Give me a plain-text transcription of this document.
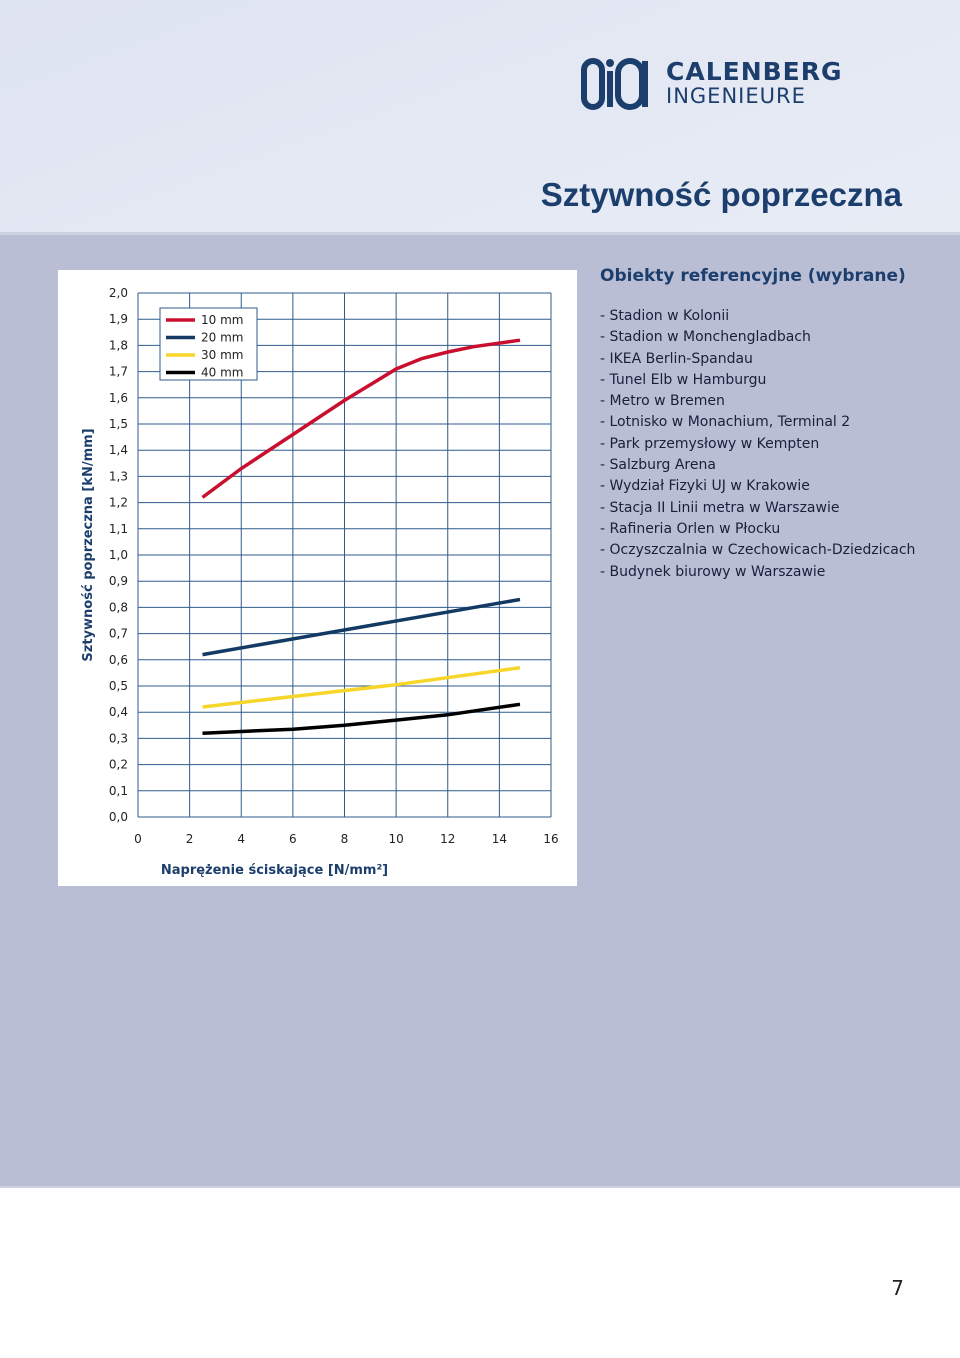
CALENBERG
INGENIEURE
Sztywność poprzeczna
0,0
0,1
0,2
0,3
0,4
0,5
0,6
0,7
0,8
0,9
1,0
1,1
1,2
1,3
1,4
1,5
1,6
1,7
1,8
1,9
2,0
0	2	4	6	8	10	12	14	16
10 mm
20 mm
30 mm
40 mm
Sztywność poprzeczna [kN/mm]
Naprężenie ściskające [N/mm²]
Obiekty referencyjne (wybrane)
- Stadion w Kolonii
- Stadion w Monchengladbach
- IKEA Berlin-Spandau
- Tunel Elb w Hamburgu
- Metro w Bremen
- Lotnisko w Monachium, Terminal 2
- Park przemysłowy w Kempten
- Salzburg Arena
- Wydział Fizyki UJ w Krakowie
- Stacja II Linii metra w Warszawie
- Rafineria Orlen w Płocku
- Oczyszczalnia w Czechowicach-Dziedzicach
- Budynek biurowy w Warszawie
7
